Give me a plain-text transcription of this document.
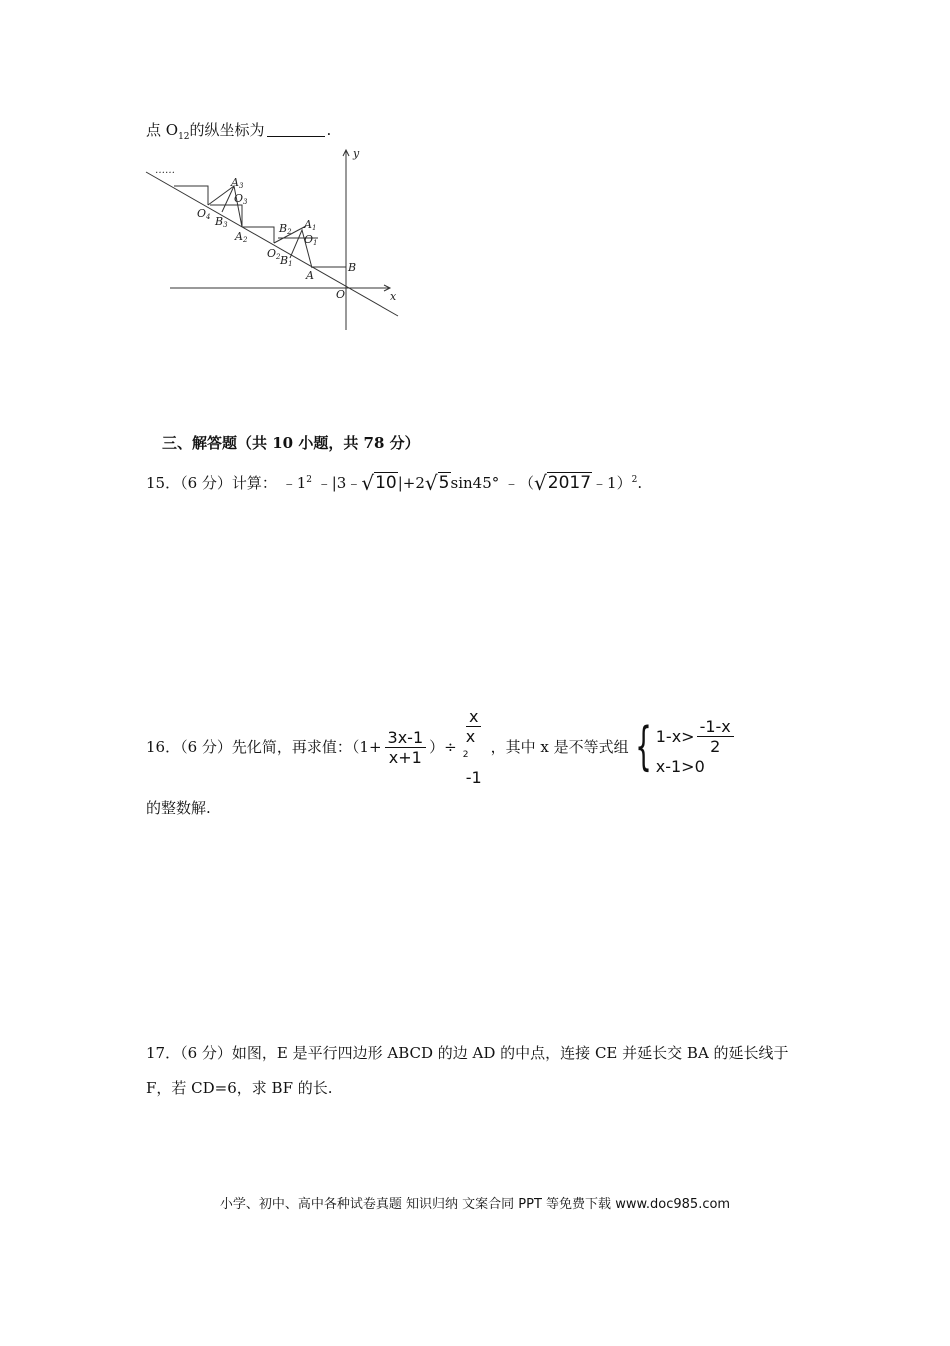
点 $O_{12}$的纵坐标为	.
……
y
x
O
A
B
A1
O1
B1
B2
O2
A2
A3
O3
B3
O4
三、解答题（共 10 小题，共 78 分）
15．（6 分）计算： $﹣1^2$ ﹣|3﹣√10|+2√5sin45° ﹣（√2017﹣1）$^2$.
16．（6 分）先化简，再求值：（$1+ \frac{3x-1}{x+1}$ ）÷ x
x
$^2$
-1 ，其中 x 是不等式组 { $1-x> \frac{-1-x}{2}$
x-1>0
的整数解.
17．（6 分）如图，E 是平行四边形 ABCD 的边 AD 的中点，连接 CE 并延长交 BA 的延长线于
F，若 CD=6，求 BF 的长.
小学、初中、高中各种试卷真题 知识归纳 文案合同 PPT 等免费下载 www.doc985.com
